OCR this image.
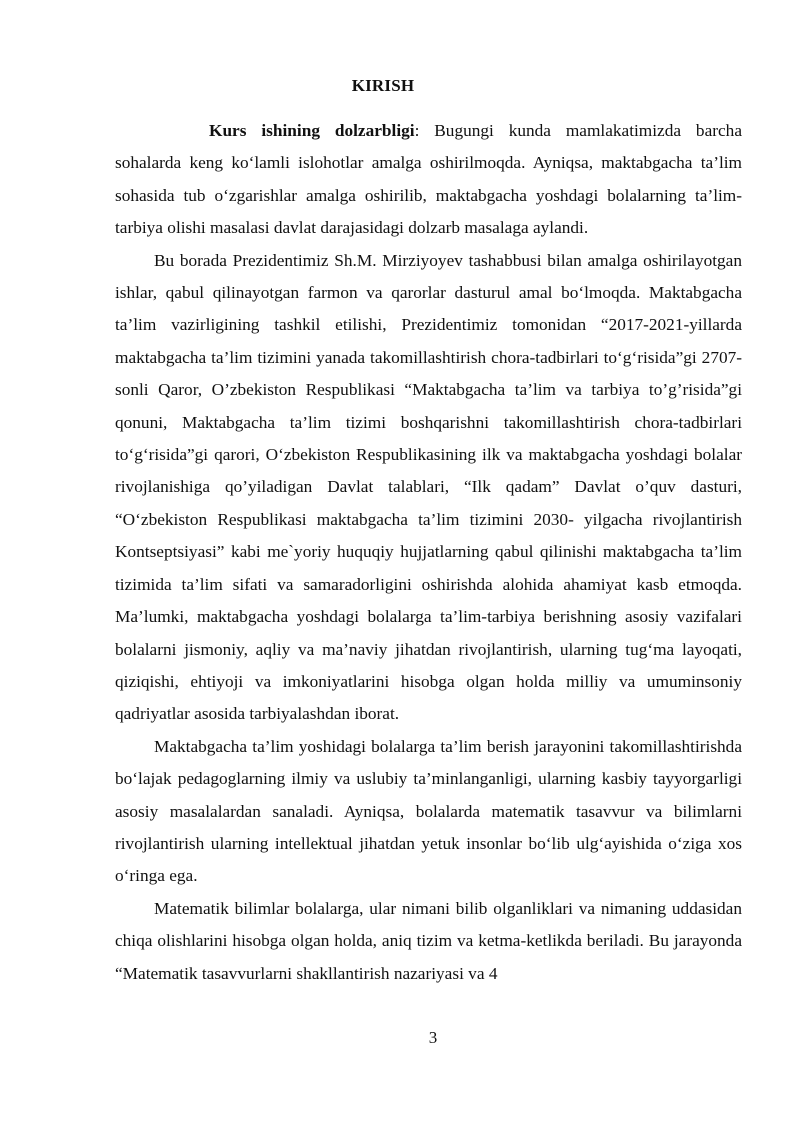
KIRISH

Kurs ishining dolzarbligi: Bugungi kunda mamlakatimizda barcha sohalarda keng ko‘lamli islohotlar amalga oshirilmoqda. Ayniqsa, maktabgacha ta’lim sohasida tub o‘zgarishlar amalga oshirilib, maktabgacha yoshdagi bolalarning ta’lim-tarbiya olishi masalasi davlat darajasidagi dolzarb masalaga aylandi.

Bu borada Prezidentimiz Sh.M. Mirziyoyev tashabbusi bilan amalga oshirilayotgan ishlar, qabul qilinayotgan farmon va qarorlar dasturul amal bo‘lmoqda. Maktabgacha ta’lim vazirligining tashkil etilishi, Prezidentimiz tomonidan “2017-2021-yillarda maktabgacha ta’lim tizimini yanada takomillashtirish chora-tadbirlari to‘g‘risida”gi 2707-sonli Qaror, O’zbekiston Respublikasi “Maktabgacha ta’lim va tarbiya to’g’risida”gi qonuni, Maktabgacha ta’lim tizimi boshqarishni takomillashtirish chora-tadbirlari to‘g‘risida”gi qarori, O‘zbekiston Respublikasining ilk va maktabgacha yoshdagi bolalar rivojlanishiga qo’yiladigan Davlat talablari, “Ilk qadam” Davlat o’quv dasturi, “O‘zbekiston Respublikasi maktabgacha ta’lim tizimini 2030- yilgacha rivojlantirish Kontseptsiyasi” kabi me`yoriy huquqiy hujjatlarning qabul qilinishi maktabgacha ta’lim tizimida ta’lim sifati va samaradorligini oshirishda alohida ahamiyat kasb etmoqda. Ma’lumki, maktabgacha yoshdagi bolalarga ta’lim-tarbiya berishning asosiy vazifalari bolalarni jismoniy, aqliy va ma’naviy jihatdan rivojlantirish, ularning tug‘ma layoqati, qiziqishi, ehtiyoji va imkoniyatlarini hisobga olgan holda milliy va umuminsoniy qadriyatlar asosida tarbiyalashdan iborat.

Maktabgacha ta’lim yoshidagi bolalarga ta’lim berish jarayonini takomillashtirishda bo‘lajak pedagoglarning ilmiy va uslubiy ta’minlanganligi, ularning kasbiy tayyorgarligi asosiy masalalardan sanaladi. Ayniqsa, bolalarda matematik tasavvur va bilimlarni rivojlantirish ularning intellektual jihatdan yetuk insonlar bo‘lib ulg‘ayishida o‘ziga xos o‘ringa ega.

Matematik bilimlar bolalarga, ular nimani bilib olganliklari va nimaning uddasidan chiqa olishlarini hisobga olgan holda, aniq tizim va ketma-ketlikda beriladi. Bu jarayonda “Matematik tasavvurlarni shakllantirish nazariyasi va 4

3
